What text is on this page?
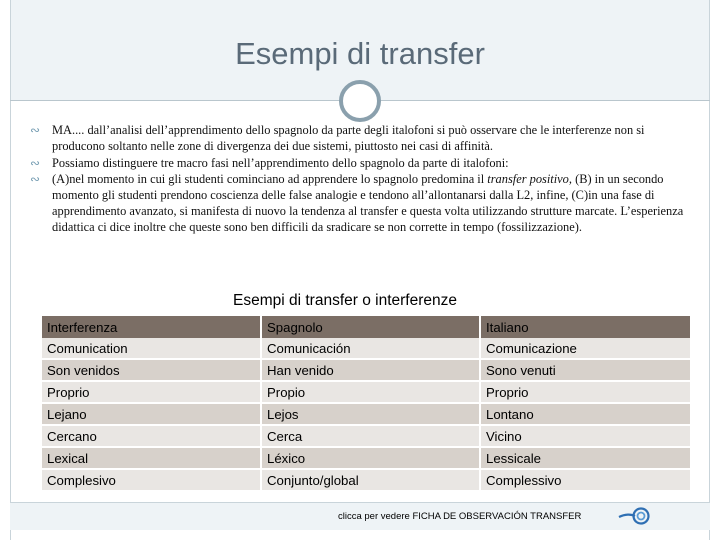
Esempi di transfer
∾ MA.... dall’analisi dell’apprendimento dello spagnolo da parte degli italofoni si può osservare che le interferenze non si producono soltanto nelle zone di divergenza dei due sistemi, piuttosto nei casi di affinità.
∾ Possiamo distinguere tre macro fasi nell’apprendimento dello spagnolo da parte di italofoni:
∾ (A)nel momento in cui gli studenti cominciano ad apprendere lo spagnolo predomina il transfer positivo, (B) in un secondo momento gli studenti prendono coscienza delle false analogie e tendono all’allontanarsi dalla L2, infine, (C)in una fase di apprendimento avanzato, si manifesta di nuovo la tendenza al transfer e questa volta utilizzando strutture marcate. L’esperienza didattica ci dice inoltre che queste sono ben difficili da sradicare se non corrette in tempo (fossilizzazione).
Esempi di transfer o interferenze
Interferenza	Spagnolo	Italiano
Comunication	Comunicación	Comunicazione
Son venidos	Han venido	Sono venuti
Proprio	Propio	Proprio
Lejano	Lejos	Lontano
Cercano	Cerca	Vicino
Lexical	Léxico	Lessicale
Complesivo	Conjunto/global	Complessivo
clicca per vedere FICHA DE OBSERVACIÓN TRANSFER
